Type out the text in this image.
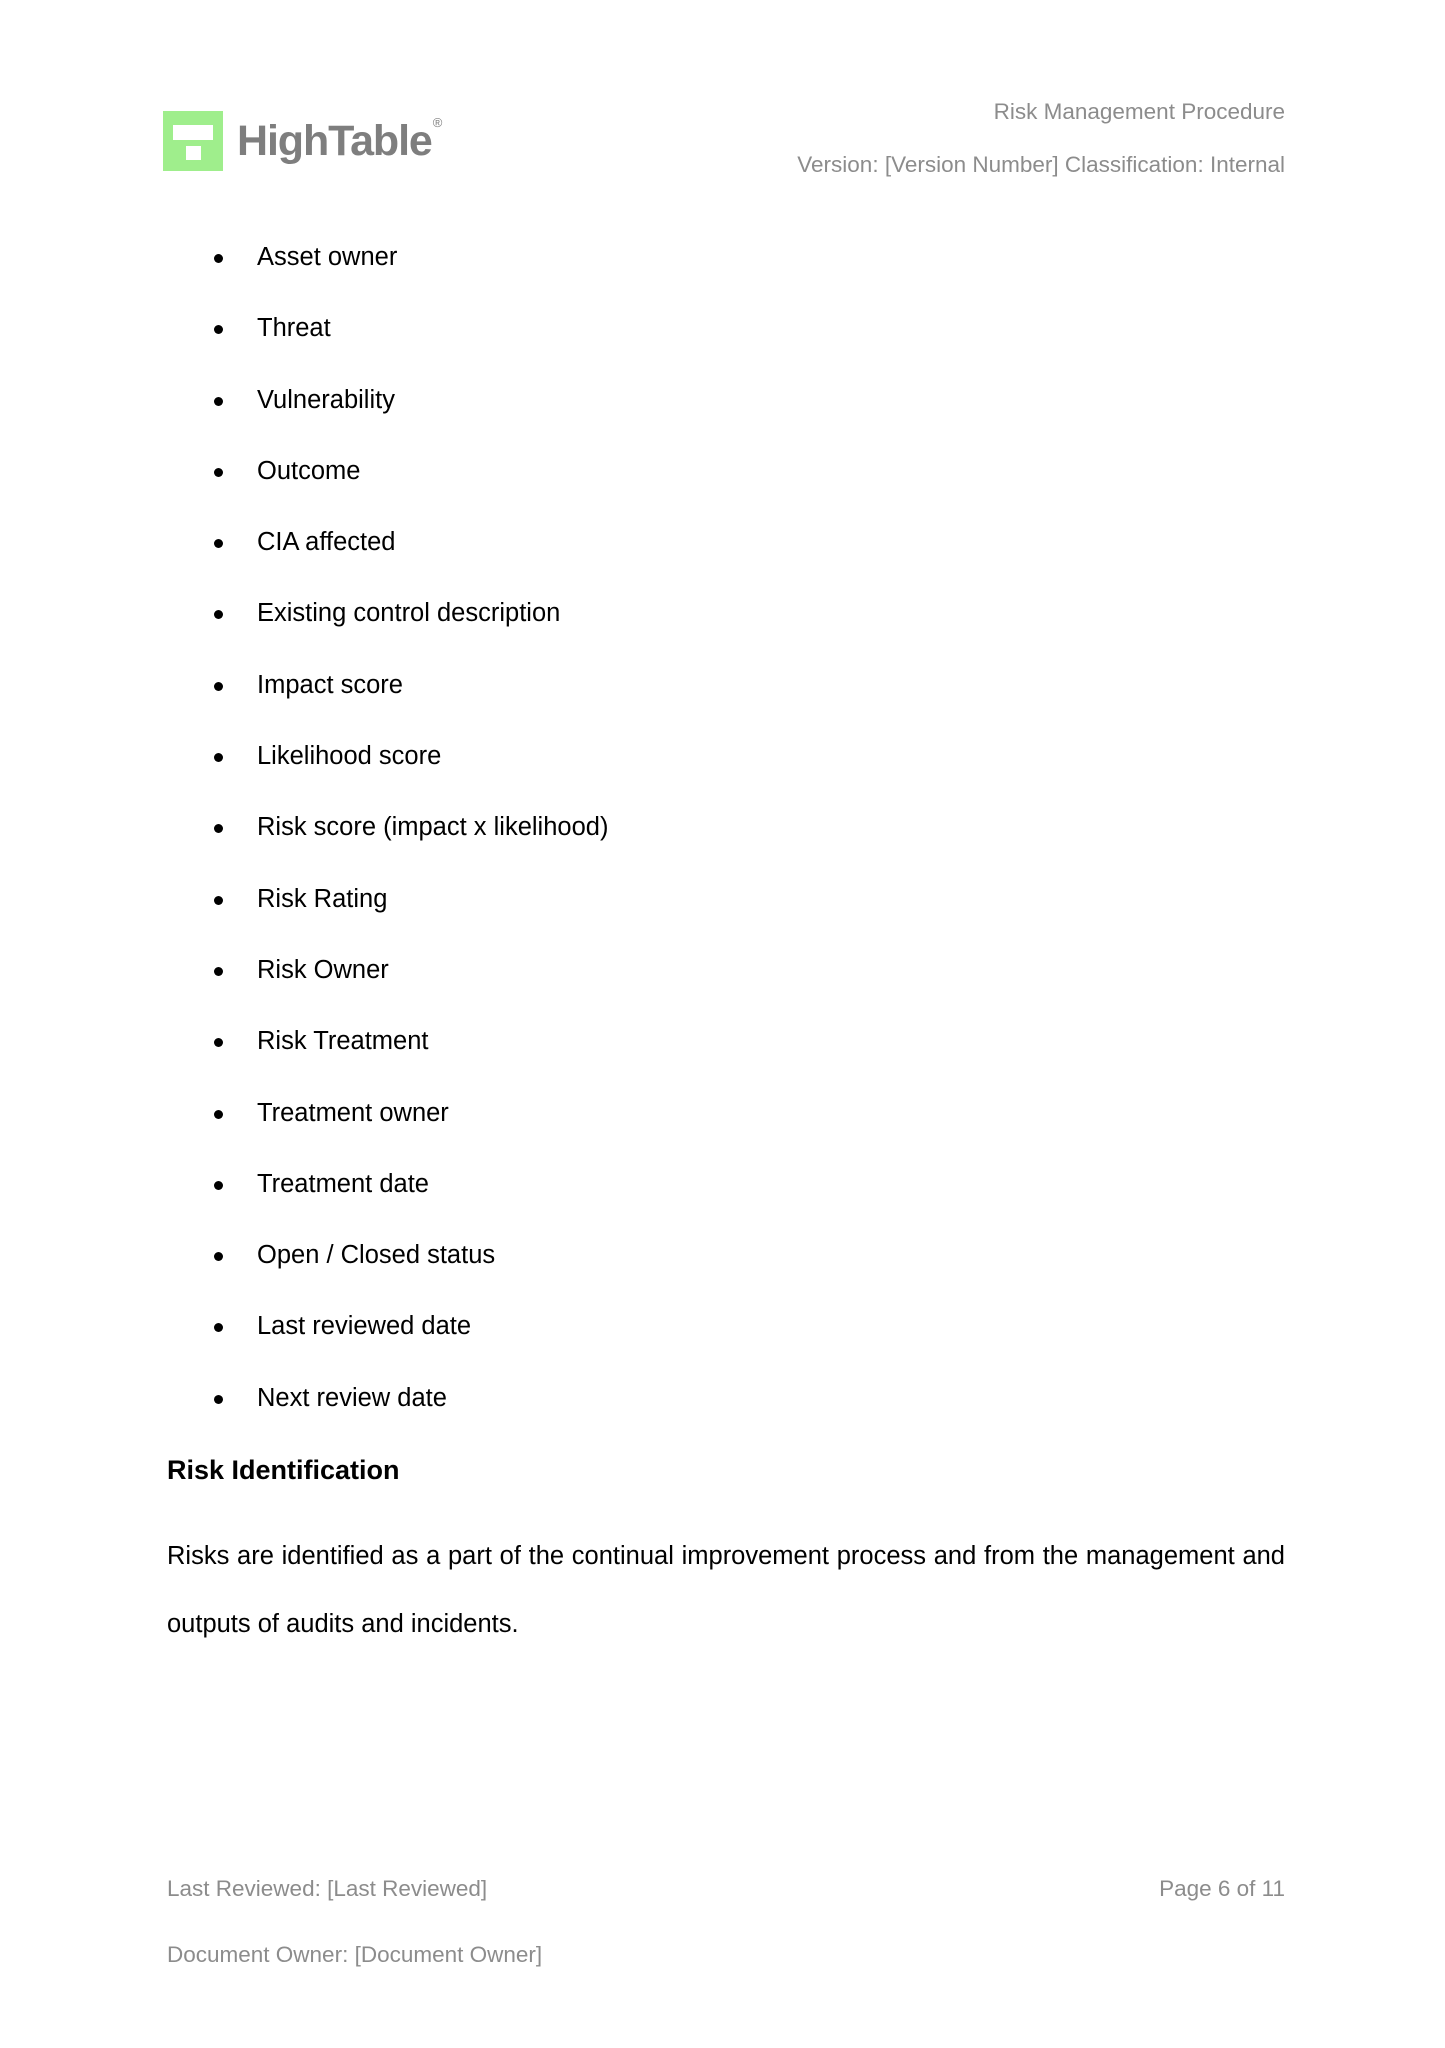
HighTable®	Risk Management Procedure
Version: [Version Number] Classification: Internal
Asset owner
Threat
Vulnerability
Outcome
CIA affected
Existing control description
Impact score
Likelihood score
Risk score (impact x likelihood)
Risk Rating
Risk Owner
Risk Treatment
Treatment owner
Treatment date
Open / Closed status
Last reviewed date
Next review date
Risk Identification

Risks are identified as a part of the continual improvement process and from the management and outputs of audits and incidents.

Last Reviewed: [Last Reviewed]	Page 6 of 11
Document Owner: [Document Owner]
